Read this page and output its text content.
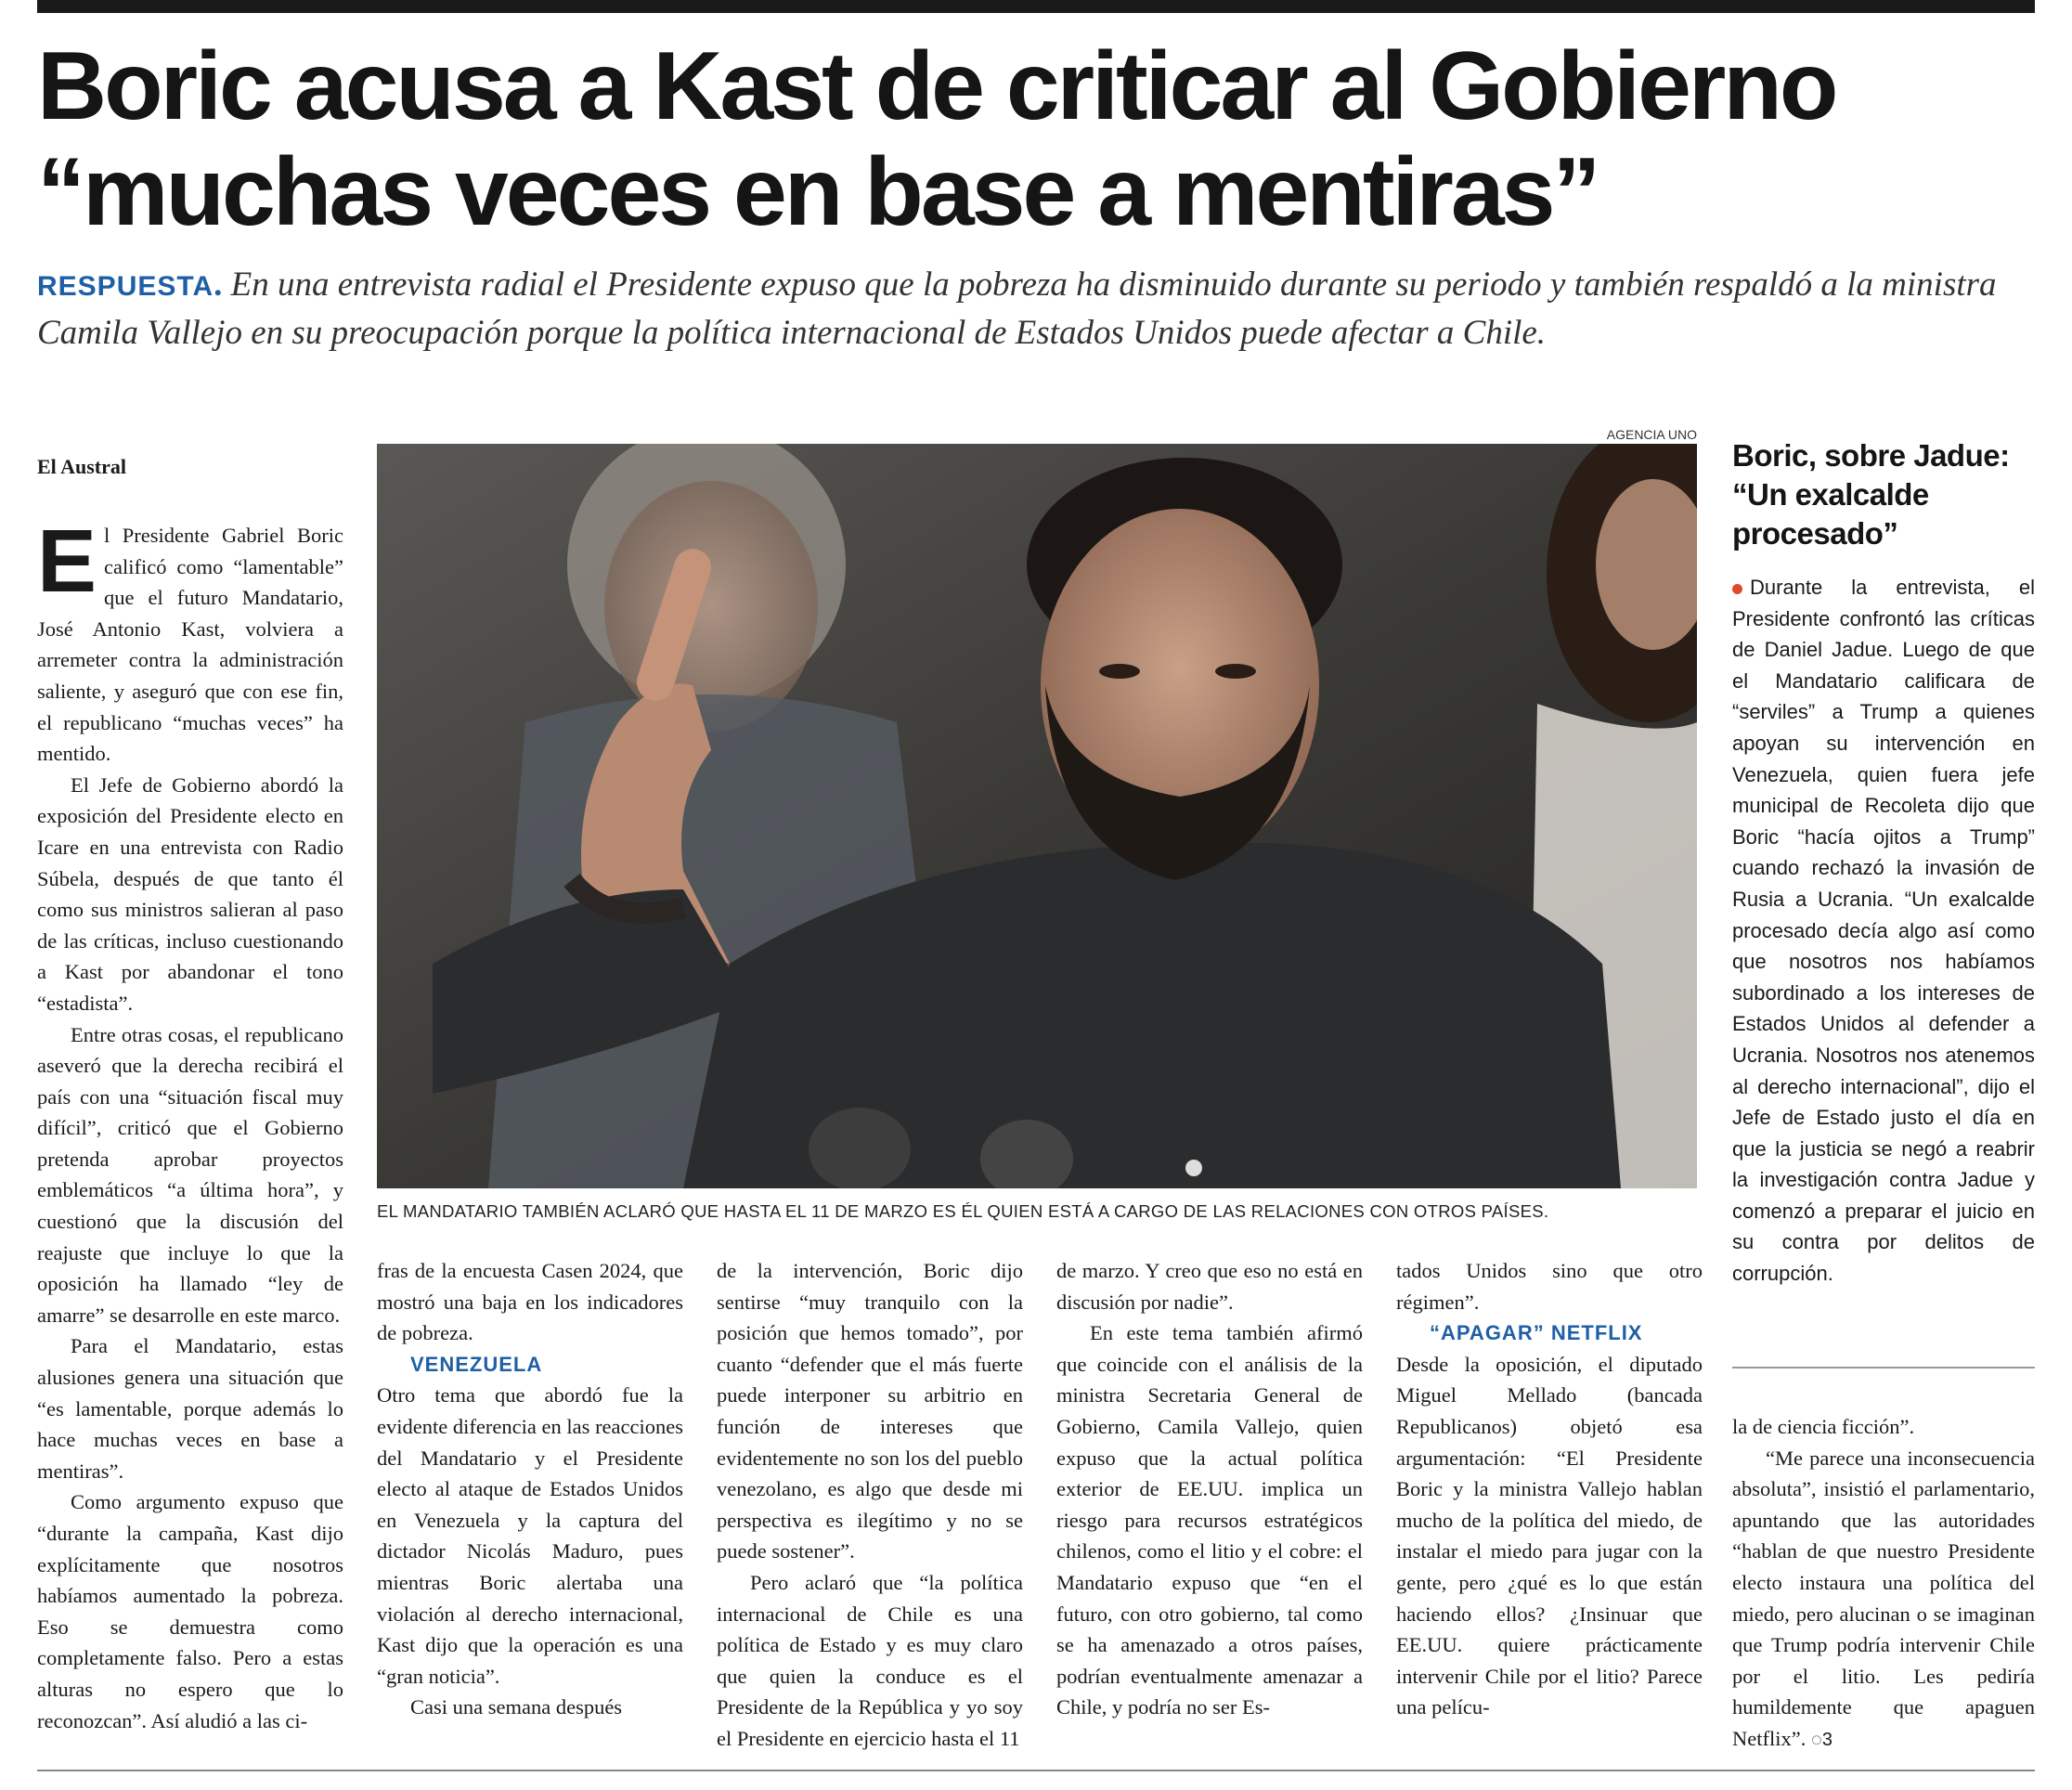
Boric acusa a Kast de criticar al Gobierno
“muchas veces en base a mentiras”
RESPUESTA. En una entrevista radial el Presidente expuso que la pobreza ha disminuido durante su periodo y también respaldó a la ministra Camila Vallejo en su preocupación porque la política internacional de Estados Unidos puede afectar a Chile.
El Austral

El Presidente Gabriel Boric calificó como “lamentable” que el futuro Mandatario, José Antonio Kast, volviera a arremeter contra la administración saliente, y aseguró que con ese fin, el republicano “muchas veces” ha mentido.

El Jefe de Gobierno abordó la exposición del Presidente electo en Icare en una entrevista con Radio Súbela, después de que tanto él como sus ministros salieran al paso de las críticas, incluso cuestionando a Kast por abandonar el tono “estadista”.

Entre otras cosas, el republicano aseveró que la derecha recibirá el país con una “situación fiscal muy difícil”, criticó que el Gobierno pretenda aprobar proyectos emblemáticos “a última hora”, y cuestionó que la discusión del reajuste que incluye lo que la oposición ha llamado “ley de amarre” se desarrolle en este marco.

Para el Mandatario, estas alusiones genera una situación que “es lamentable, porque además lo hace muchas veces en base a mentiras”.

Como argumento expuso que “durante la campaña, Kast dijo explícitamente que nosotros habíamos aumentado la pobreza. Eso se demuestra como completamente falso. Pero a estas alturas no espero que lo reconozcan”. Así aludió a las ci-

AGENCIA UNO
EL MANDATARIO TAMBIÉN ACLARÓ QUE HASTA EL 11 DE MARZO ES ÉL QUIEN ESTÁ A CARGO DE LAS RELACIONES CON OTROS PAÍSES.

fras de la encuesta Casen 2024, que mostró una baja en los indicadores de pobreza.

VENEZUELA

Otro tema que abordó fue la evidente diferencia en las reacciones del Mandatario y el Presidente electo al ataque de Estados Unidos en Venezuela y la captura del dictador Nicolás Maduro, pues mientras Boric alertaba una violación al derecho internacional, Kast dijo que la operación es una “gran noticia”.

Casi una semana después

de la intervención, Boric dijo sentirse “muy tranquilo con la posición que hemos tomado”, por cuanto “defender que el más fuerte puede interponer su arbitrio en función de intereses que evidentemente no son los del pueblo venezolano, es algo que desde mi perspectiva es ilegítimo y no se puede sostener”.

Pero aclaró que “la política internacional de Chile es una política de Estado y es muy claro que quien la conduce es el Presidente de la República y yo soy el Presidente en ejercicio hasta el 11

de marzo. Y creo que eso no está en discusión por nadie”.

En este tema también afirmó que coincide con el análisis de la ministra Secretaria General de Gobierno, Camila Vallejo, quien expuso que la actual política exterior de EE.UU. implica un riesgo para recursos estratégicos chilenos, como el litio y el cobre: el Mandatario expuso que “en el futuro, con otro gobierno, tal como se ha amenazado a otros países, podrían eventualmente amenazar a Chile, y podría no ser Es-

tados Unidos sino que otro régimen”.

“APAGAR” NETFLIX

Desde la oposición, el diputado Miguel Mellado (bancada Republicanos) objetó esa argumentación: “El Presidente Boric y la ministra Vallejo hablan mucho de la política del miedo, de instalar el miedo para jugar con la gente, pero ¿qué es lo que están haciendo ellos? ¿Insinuar que EE.UU. quiere prácticamente intervenir Chile por el litio? Parece una pelícu-

Boric, sobre Jadue: “Un exalcalde procesado”
Durante la entrevista, el Presidente confrontó las críticas de Daniel Jadue. Luego de que el Mandatario calificara de “serviles” a Trump a quienes apoyan su intervención en Venezuela, quien fuera jefe municipal de Recoleta dijo que Boric “hacía ojitos a Trump” cuando rechazó la invasión de Rusia a Ucrania. “Un exalcalde procesado decía algo así como que nosotros nos habíamos subordinado a los intereses de Estados Unidos al defender a Ucrania. Nosotros nos atenemos al derecho internacional”, dijo el Jefe de Estado justo el día en que la justicia se negó a reabrir la investigación contra Jadue y comenzó a preparar el juicio en su contra por delitos de corrupción.

la de ciencia ficción”.

“Me parece una inconsecuencia absoluta”, insistió el parlamentario, apuntando que las autoridades “hablan de que nuestro Presidente electo instaura una política del miedo, pero alucinan o se imaginan que Trump podría intervenir Chile por el litio. Les pediría humildemente que apaguen Netflix”. ◌3
